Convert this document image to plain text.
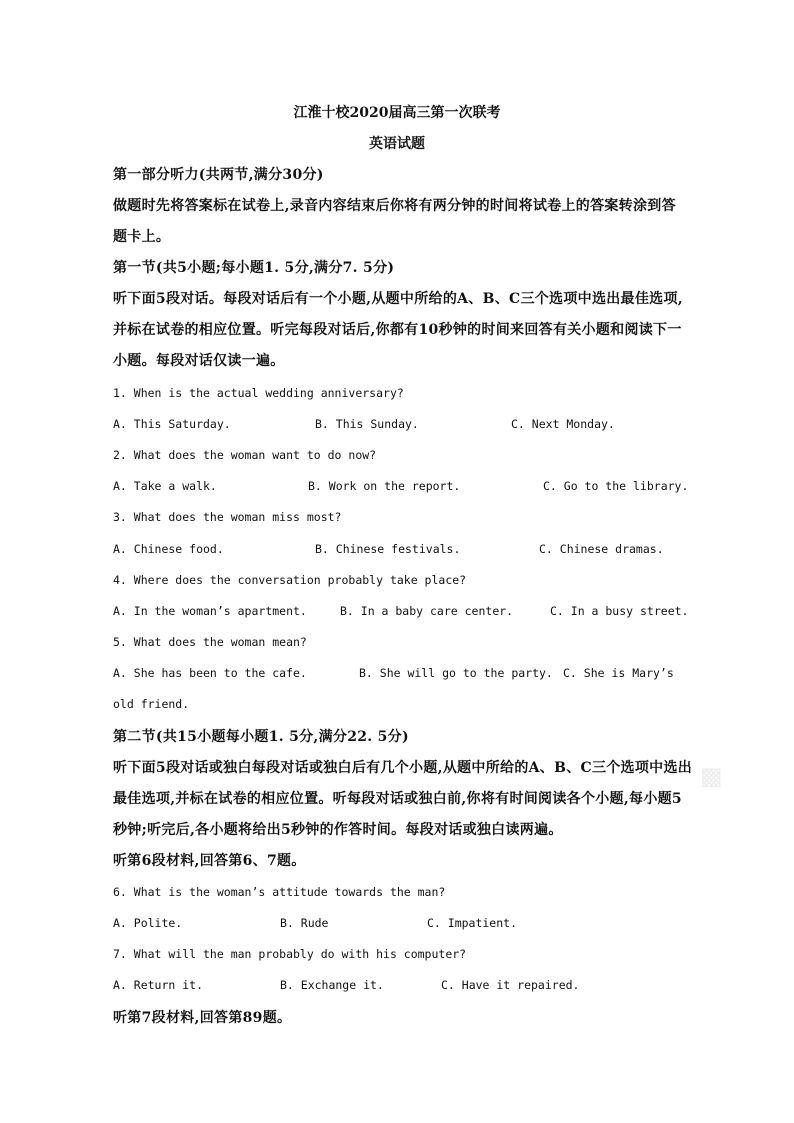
江淮十校2020届高三第一次联考
英语试题
第一部分听力(共两节,满分30分)
做题时先将答案标在试卷上,录音内容结束后你将有两分钟的时间将试卷上的答案转涂到答
题卡上。
第一节(共5小题;每小题1. 5分,满分7. 5分)
听下面5段对话。每段对话后有一个小题,从题中所给的A、B、C三个选项中选出最佳选项,
并标在试卷的相应位置。听完每段对话后,你都有10秒钟的时间来回答有关小题和阅读下一
小题。每段对话仅读一遍。
1. When is the actual wedding anniversary?
A. This Saturday.	B. This Sunday.	C. Next Monday.
2. What does the woman want to do now?
A. Take a walk.	B. Work on the report.	C. Go to the library.
3. What does the woman miss most?
A. Chinese food.	B. Chinese festivals.	C. Chinese dramas.
4. Where does the conversation probably take place?
A. In the woman’s apartment.	B. In a baby care center.	C. In a busy street.
5. What does the woman mean?
A. She has been to the cafe.	B. She will go to the party. C. She is Mary’s
old friend.
第二节(共15小题每小题1. 5分,满分22. 5分)
听下面5段对话或独白每段对话或独白后有几个小题,从题中所给的A、B、C三个选项中选出
最佳选项,并标在试卷的相应位置。听每段对话或独白前,你将有时间阅读各个小题,每小题5
秒钟;听完后,各小题将给出5秒钟的作答时间。每段对话或独白读两遍。
听第6段材料,回答第6、7题。
6. What is the woman’s attitude towards the man?
A. Polite.	B. Rude	C. Impatient.
7. What will the man probably do with his computer?
A. Return it.	B. Exchange it.	C. Have it repaired.
听第7段材料,回答第89题。
▩
